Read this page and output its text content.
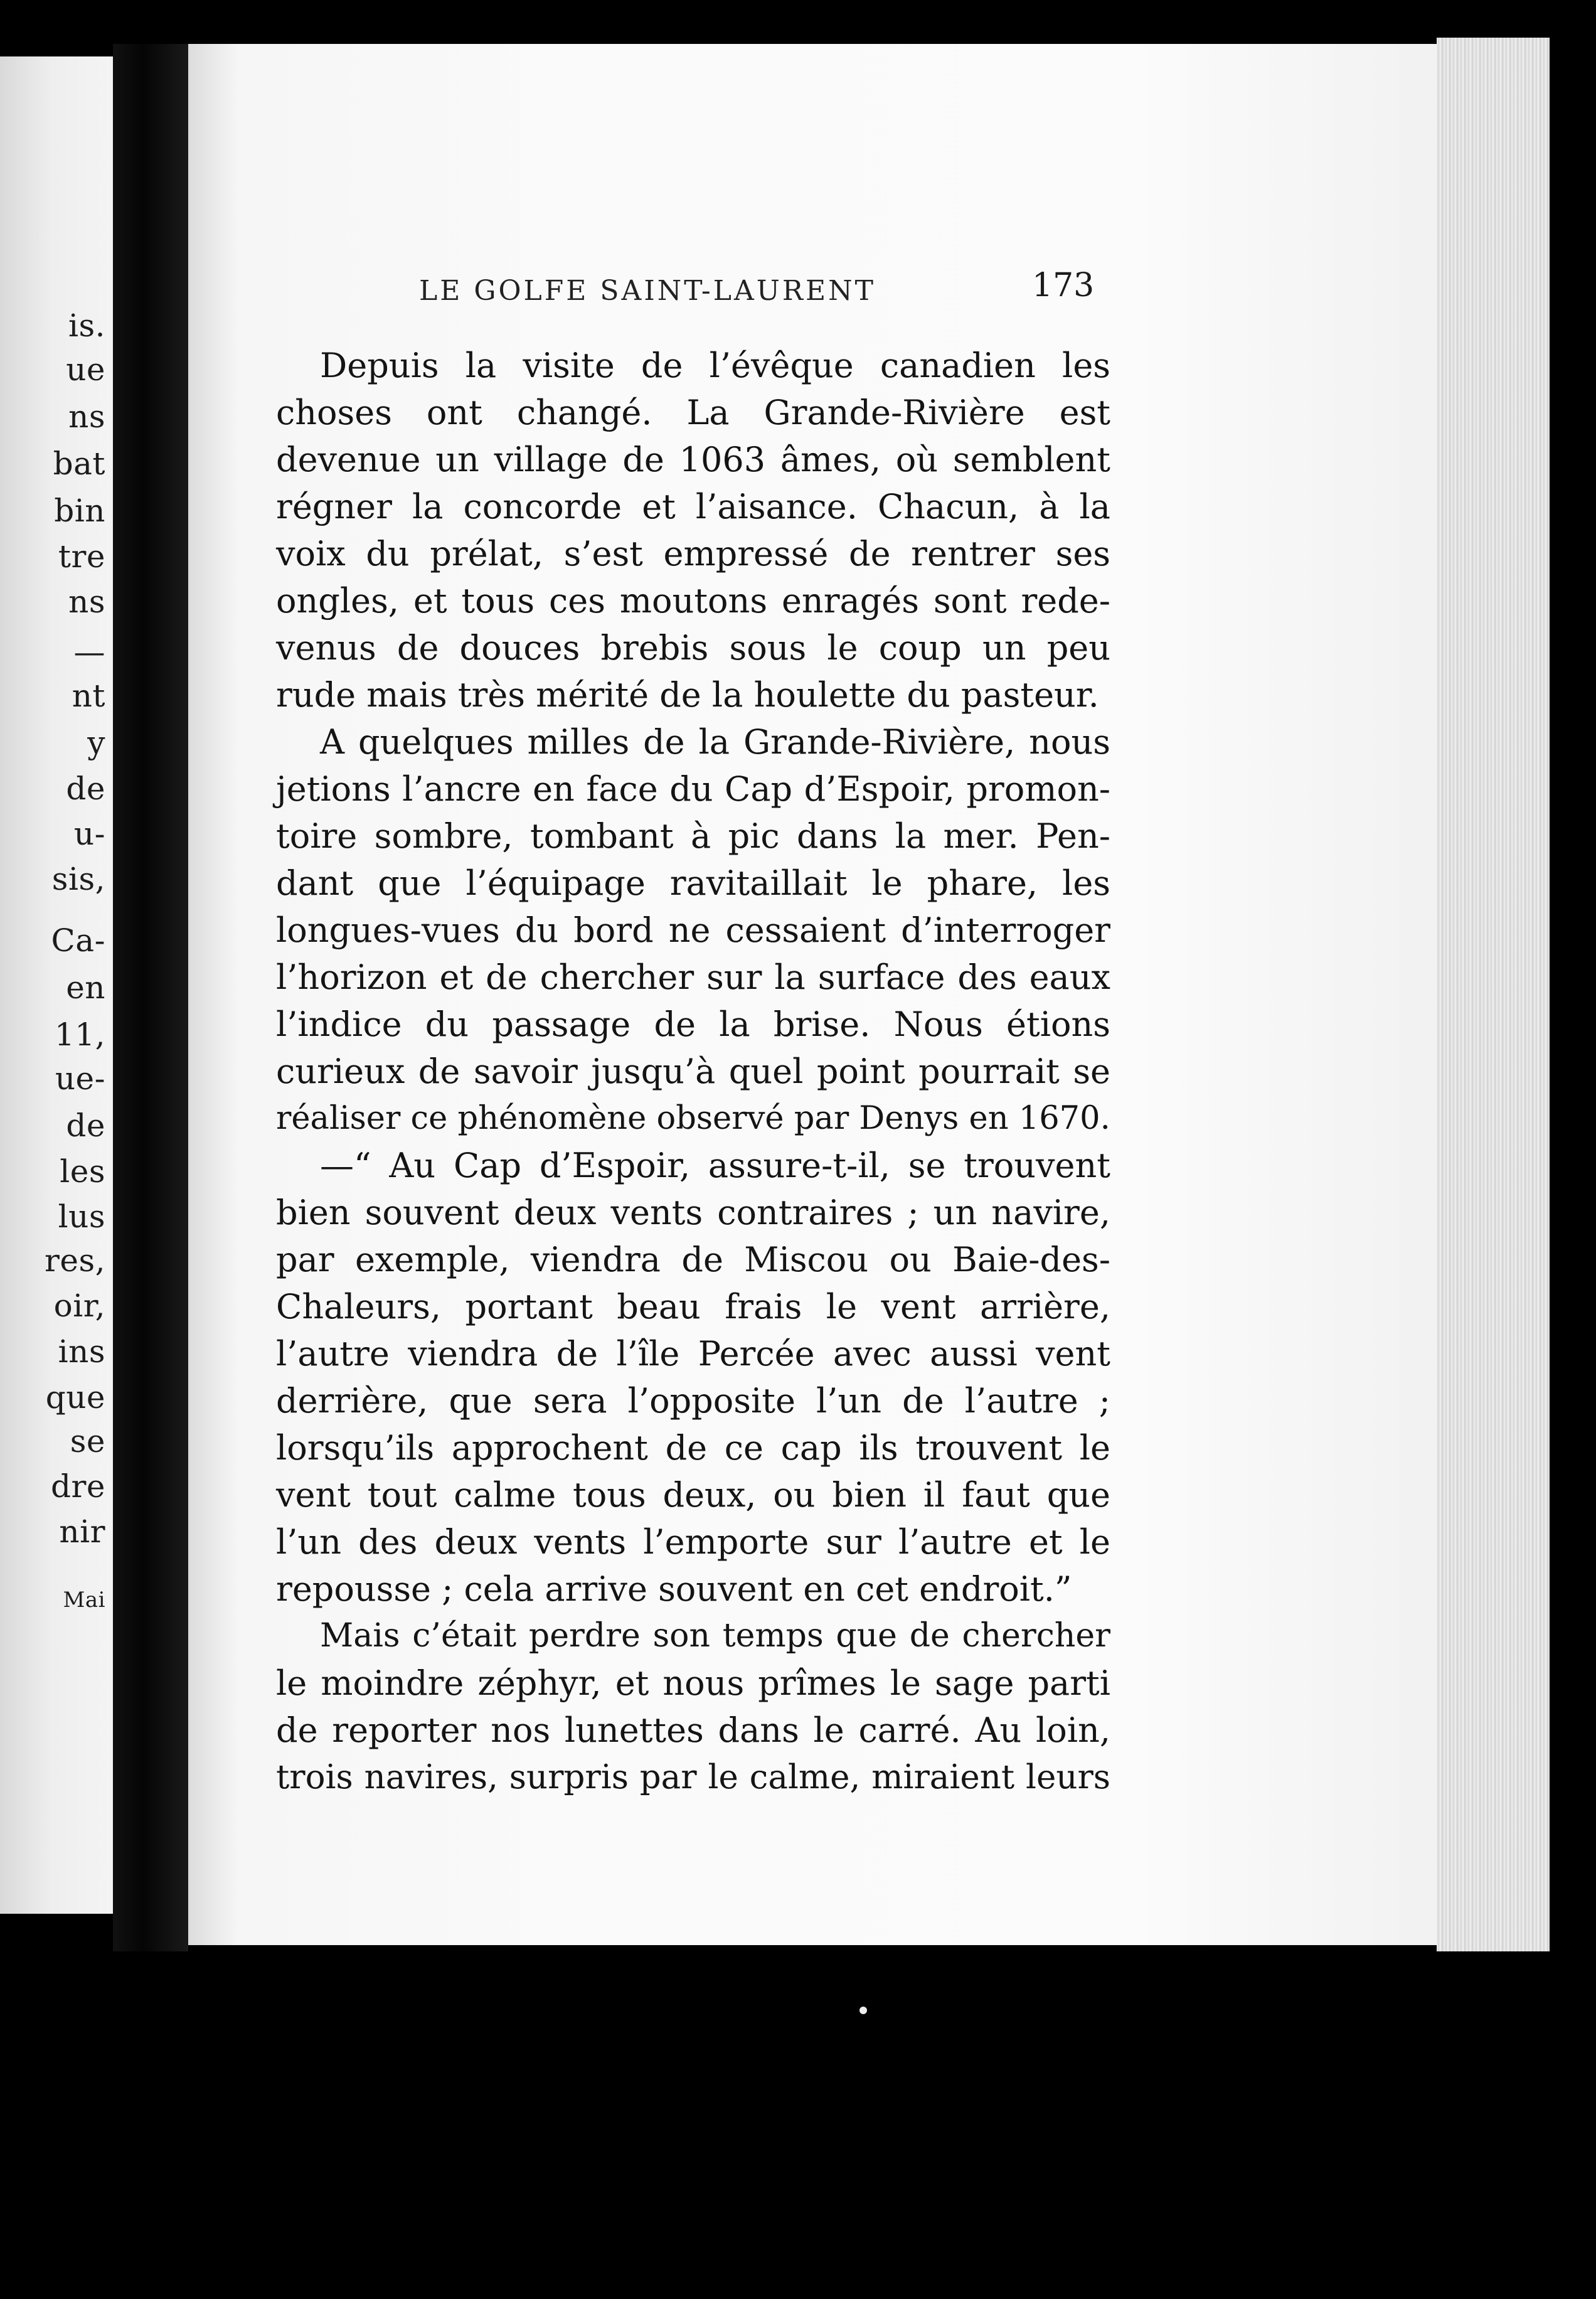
is.
ue
ns
bat
bin
tre
ns
—
nt
y
de
u-
sis,
Ca-
en
11,
ue-
de
les
lus
res,
oir,
ins
que
se
dre
nir
Mai
LE GOLFE SAINT-LAURENT	173
Depuis la visite de l’évêque canadien les
choses ont changé. La Grande-Rivière est
devenue un village de 1063 âmes, où semblent
régner la concorde et l’aisance. Chacun, à la
voix du prélat, s’est empressé de rentrer ses
ongles, et tous ces moutons enragés sont rede-
venus de douces brebis sous le coup un peu
rude mais très mérité de la houlette du pasteur.
A quelques milles de la Grande-Rivière, nous
jetions l’ancre en face du Cap d’Espoir, promon-
toire sombre, tombant à pic dans la mer. Pen-
dant que l’équipage ravitaillait le phare, les
longues-vues du bord ne cessaient d’interroger
l’horizon et de chercher sur la surface des eaux
l’indice du passage de la brise. Nous étions
curieux de savoir jusqu’à quel point pourrait se
réaliser ce phénomène observé par Denys en 1670.
—“ Au Cap d’Espoir, assure-t-il, se trouvent
bien souvent deux vents contraires ; un navire,
par exemple, viendra de Miscou ou Baie-des-
Chaleurs, portant beau frais le vent arrière,
l’autre viendra de l’île Percée avec aussi vent
derrière, que sera l’opposite l’un de l’autre ;
lorsqu’ils approchent de ce cap ils trouvent le
vent tout calme tous deux, ou bien il faut que
l’un des deux vents l’emporte sur l’autre et le
repousse ; cela arrive souvent en cet endroit.”
Mais c’était perdre son temps que de chercher
le moindre zéphyr, et nous prîmes le sage parti
de reporter nos lunettes dans le carré. Au loin,
trois navires, surpris par le calme, miraient leurs
